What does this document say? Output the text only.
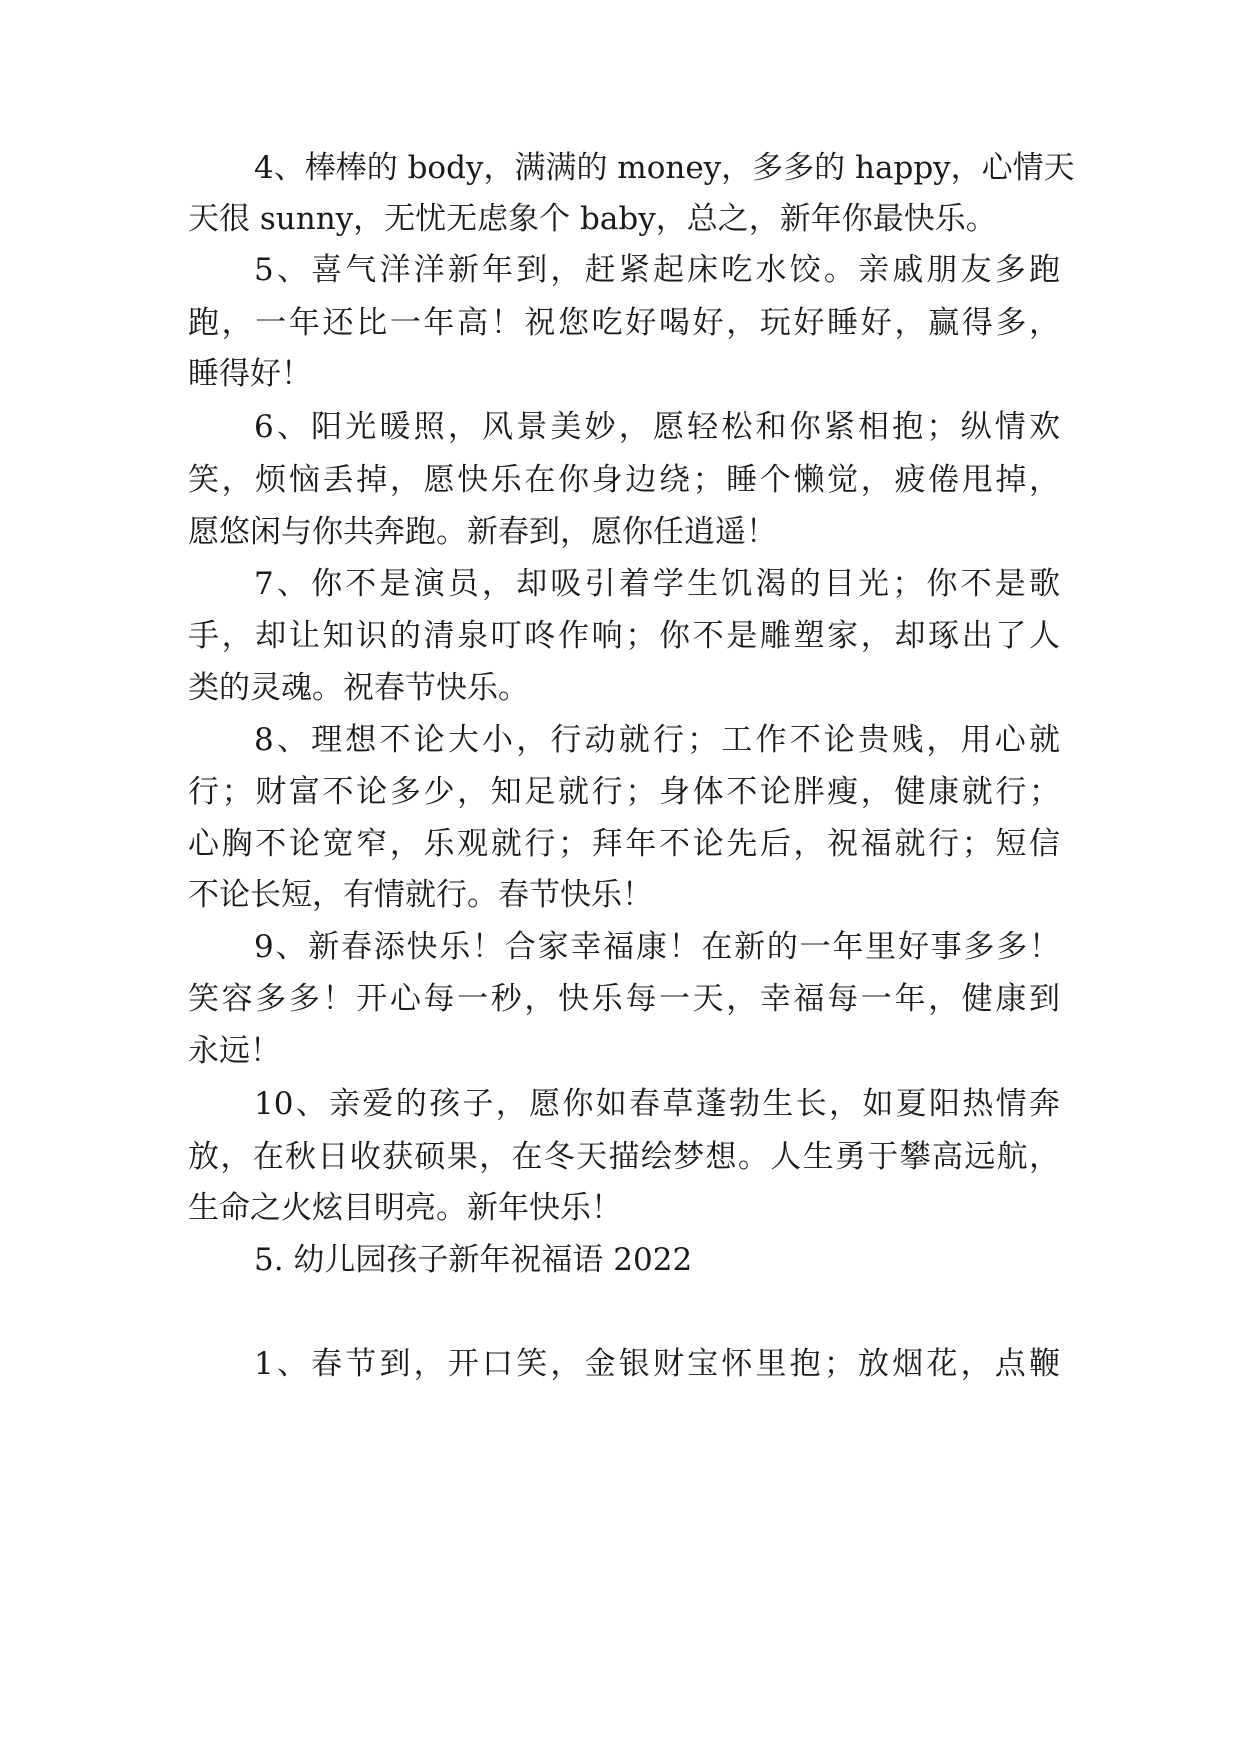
4、棒棒的 body，满满的 money，多多的 happy，心情天
天很 sunny，无忧无虑象个 baby，总之，新年你最快乐。
5、喜气洋洋新年到，赶紧起床吃水饺。亲戚朋友多跑
跑，一年还比一年高！祝您吃好喝好，玩好睡好，赢得多，
睡得好！
6、阳光暖照，风景美妙，愿轻松和你紧相抱；纵情欢
笑，烦恼丢掉，愿快乐在你身边绕；睡个懒觉，疲倦甩掉，
愿悠闲与你共奔跑。新春到，愿你任逍遥！
7、你不是演员，却吸引着学生饥渴的目光；你不是歌
手，却让知识的清泉叮咚作响；你不是雕塑家，却琢出了人
类的灵魂。祝春节快乐。
8、理想不论大小，行动就行；工作不论贵贱，用心就
行；财富不论多少，知足就行；身体不论胖瘦，健康就行；
心胸不论宽窄，乐观就行；拜年不论先后，祝福就行；短信
不论长短，有情就行。春节快乐！
9、新春添快乐！合家幸福康！在新的一年里好事多多！
笑容多多！开心每一秒，快乐每一天，幸福每一年，健康到
永远！
10、亲爱的孩子，愿你如春草蓬勃生长，如夏阳热情奔
放，在秋日收获硕果，在冬天描绘梦想。人生勇于攀高远航，
生命之火炫目明亮。新年快乐！
5. 幼儿园孩子新年祝福语 2022
1、春节到，开口笑，金银财宝怀里抱；放烟花，点鞭
